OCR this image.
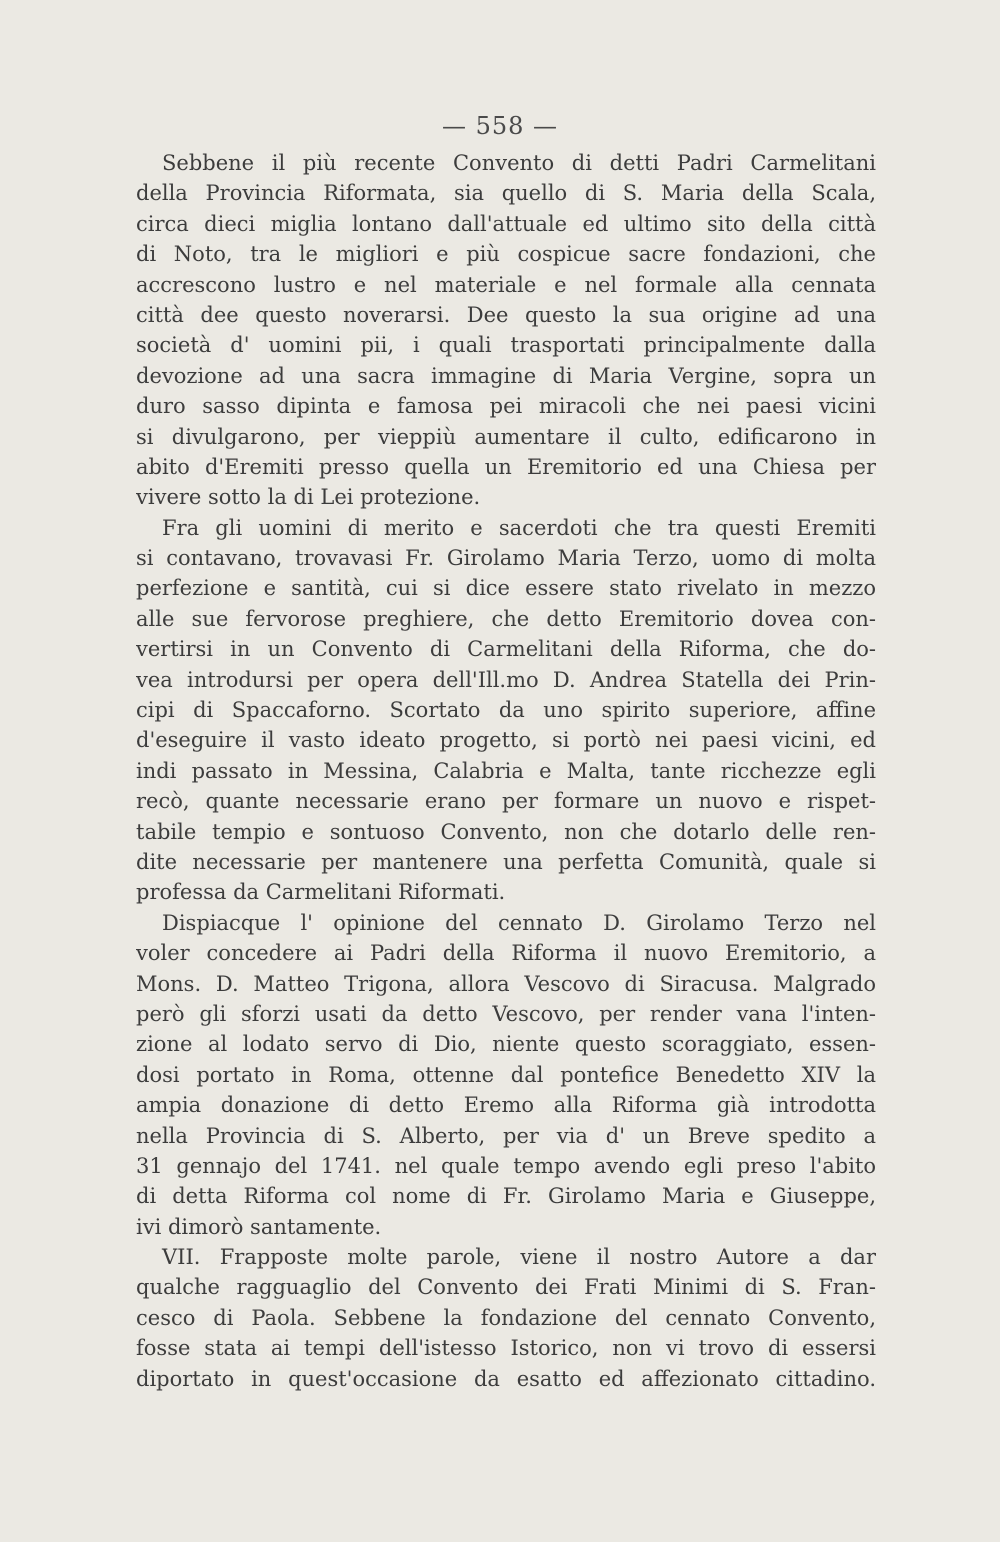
— 558 —
Sebbene il più recente Convento di detti Padri Carmelitani
della Provincia Riformata, sia quello di S. Maria della Scala,
circa dieci miglia lontano dall'attuale ed ultimo sito della città
di Noto, tra le migliori e più cospicue sacre fondazioni, che
accrescono lustro e nel materiale e nel formale alla cennata
città dee questo noverarsi. Dee questo la sua origine ad una
società d' uomini pii, i quali trasportati principalmente dalla
devozione ad una sacra immagine di Maria Vergine, sopra un
duro sasso dipinta e famosa pei miracoli che nei paesi vicini
si divulgarono, per vieppiù aumentare il culto, edificarono in
abito d'Eremiti presso quella un Eremitorio ed una Chiesa per
vivere sotto la di Lei protezione.
Fra gli uomini di merito e sacerdoti che tra questi Eremiti
si contavano, trovavasi Fr. Girolamo Maria Terzo, uomo di molta
perfezione e santità, cui si dice essere stato rivelato in mezzo
alle sue fervorose preghiere, che detto Eremitorio dovea con-
vertirsi in un Convento di Carmelitani della Riforma, che do-
vea introdursi per opera dell'Ill.mo D. Andrea Statella dei Prin-
cipi di Spaccaforno. Scortato da uno spirito superiore, affine
d'eseguire il vasto ideato progetto, si portò nei paesi vicini, ed
indi passato in Messina, Calabria e Malta, tante ricchezze egli
recò, quante necessarie erano per formare un nuovo e rispet-
tabile tempio e sontuoso Convento, non che dotarlo delle ren-
dite necessarie per mantenere una perfetta Comunità, quale si
professa da Carmelitani Riformati.
Dispiacque l' opinione del cennato D. Girolamo Terzo nel
voler concedere ai Padri della Riforma il nuovo Eremitorio, a
Mons. D. Matteo Trigona, allora Vescovo di Siracusa. Malgrado
però gli sforzi usati da detto Vescovo, per render vana l'inten-
zione al lodato servo di Dio, niente questo scoraggiato, essen-
dosi portato in Roma, ottenne dal pontefice Benedetto XIV la
ampia donazione di detto Eremo alla Riforma già introdotta
nella Provincia di S. Alberto, per via d' un Breve spedito a
31 gennajo del 1741. nel quale tempo avendo egli preso l'abito
di detta Riforma col nome di Fr. Girolamo Maria e Giuseppe,
ivi dimorò santamente.
VII. Frapposte molte parole, viene il nostro Autore a dar
qualche ragguaglio del Convento dei Frati Minimi di S. Fran-
cesco di Paola. Sebbene la fondazione del cennato Convento,
fosse stata ai tempi dell'istesso Istorico, non vi trovo di essersi
diportato in quest'occasione da esatto ed affezionato cittadino.
